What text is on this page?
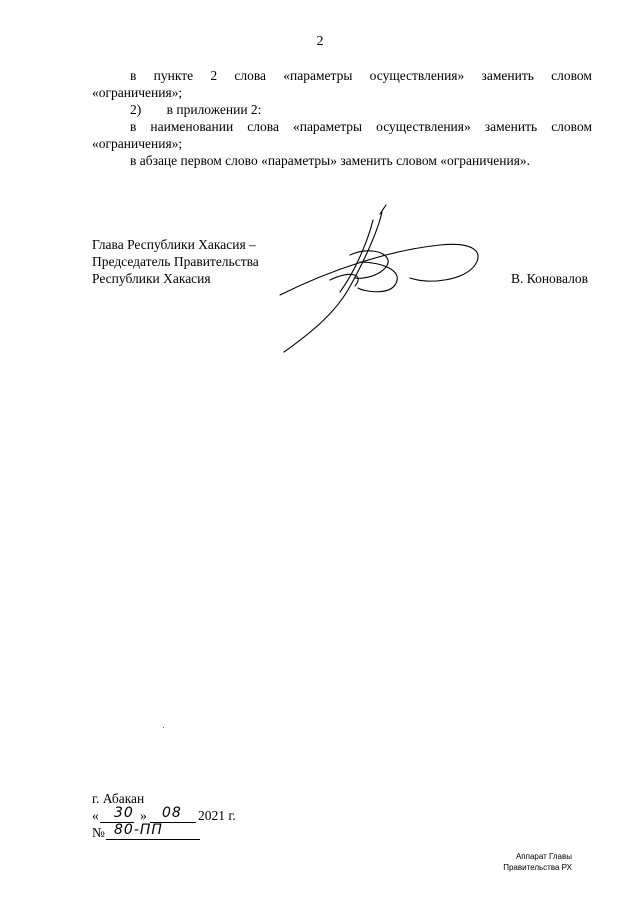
2
в пункте 2 слова «параметры осуществления» заменить словом
«ограничения»;
2) в приложении 2:
в наименовании слова «параметры осуществления» заменить словом
«ограничения»;
в абзаце первом слово «параметры» заменить словом «ограничения».
Глава Республики Хакасия –
Председатель Правительства
Республики Хакасия	В. Коновалов
г. Абакан
« 30 » 08 2021 г.
№ 80-ПП
Аппарат Главы
Правительства РХ
